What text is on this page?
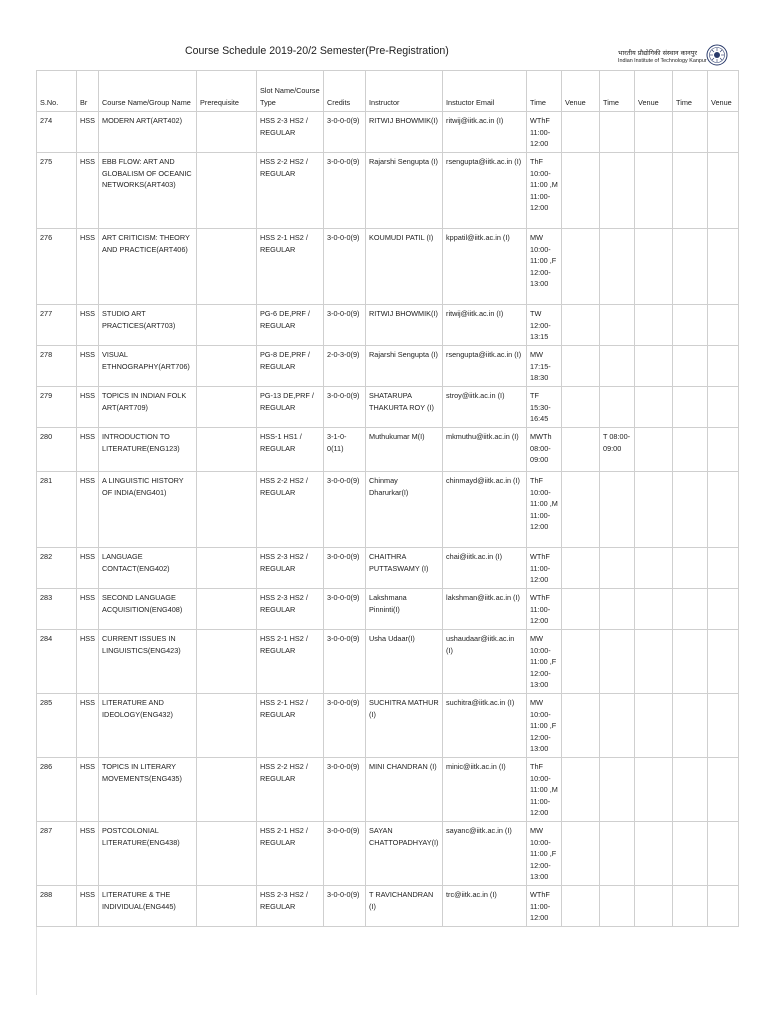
Course Schedule 2019-20/2 Semester(Pre-Registration)	भारतीय प्रौद्योगिकी संस्थान कानपुर
Indian Institute of Technology Kanpur
S.No.	Br	Course Name/Group Name	Prerequisite	Slot Name/Course Type	Credits	Instructor	Instuctor Email	Time	Venue	Time	Venue	Time	Venue
274	HSS	MODERN ART(ART402)		HSS 2-3 HS2 / REGULAR	3-0-0-0(9)	RITWIJ BHOWMIK(I)	ritwij@iitk.ac.in (I)	WThF 11:00-12:00					
275	HSS	EBB FLOW: ART AND GLOBALISM OF OCEANIC NETWORKS(ART403)		HSS 2-2 HS2 / REGULAR	3-0-0-0(9)	Rajarshi Sengupta (I)	rsengupta@iitk.ac.in (I)	ThF 10:00-11:00 ,M 11:00-12:00					
276	HSS	ART CRITICISM: THEORY AND PRACTICE(ART406)		HSS 2-1 HS2 / REGULAR	3-0-0-0(9)	KOUMUDI PATIL (I)	kppatil@iitk.ac.in (I)	MW 10:00-11:00 ,F 12:00-13:00					
277	HSS	STUDIO ART PRACTICES(ART703)		PG-6 DE,PRF / REGULAR	3-0-0-0(9)	RITWIJ BHOWMIK(I)	ritwij@iitk.ac.in (I)	TW 12:00-13:15					
278	HSS	VISUAL ETHNOGRAPHY(ART706)		PG-8 DE,PRF / REGULAR	2-0-3-0(9)	Rajarshi Sengupta (I)	rsengupta@iitk.ac.in (I)	MW 17:15-18:30					
279	HSS	TOPICS IN INDIAN FOLK ART(ART709)		PG-13 DE,PRF / REGULAR	3-0-0-0(9)	SHATARUPA THAKURTA ROY (I)	stroy@iitk.ac.in (I)	TF 15:30-16:45					
280	HSS	INTRODUCTION TO LITERATURE(ENG123)		HSS-1 HS1 / REGULAR	3-1-0-0(11)	Muthukumar M(I)	mkmuthu@iitk.ac.in (I)	MWTh 08:00-09:00		T 08:00-09:00			
281	HSS	A LINGUISTIC HISTORY OF INDIA(ENG401)		HSS 2-2 HS2 / REGULAR	3-0-0-0(9)	Chinmay Dharurkar(I)	chinmayd@iitk.ac.in (I)	ThF 10:00-11:00 ,M 11:00-12:00					
282	HSS	LANGUAGE CONTACT(ENG402)		HSS 2-3 HS2 / REGULAR	3-0-0-0(9)	CHAITHRA PUTTASWAMY (I)	chai@iitk.ac.in (I)	WThF 11:00-12:00					
283	HSS	SECOND LANGUAGE ACQUISITION(ENG408)		HSS 2-3 HS2 / REGULAR	3-0-0-0(9)	Lakshmana Pinninti(I)	lakshman@iitk.ac.in (I)	WThF 11:00-12:00					
284	HSS	CURRENT ISSUES IN LINGUISTICS(ENG423)		HSS 2-1 HS2 / REGULAR	3-0-0-0(9)	Usha Udaar(I)	ushaudaar@iitk.ac.in (I)	MW 10:00-11:00 ,F 12:00-13:00					
285	HSS	LITERATURE AND IDEOLOGY(ENG432)		HSS 2-1 HS2 / REGULAR	3-0-0-0(9)	SUCHITRA MATHUR (I)	suchitra@iitk.ac.in (I)	MW 10:00-11:00 ,F 12:00-13:00					
286	HSS	TOPICS IN LITERARY MOVEMENTS(ENG435)		HSS 2-2 HS2 / REGULAR	3-0-0-0(9)	MINI CHANDRAN (I)	minic@iitk.ac.in (I)	ThF 10:00-11:00 ,M 11:00-12:00					
287	HSS	POSTCOLONIAL LITERATURE(ENG438)		HSS 2-1 HS2 / REGULAR	3-0-0-0(9)	SAYAN CHATTOPADHYAY(I)	sayanc@iitk.ac.in (I)	MW 10:00-11:00 ,F 12:00-13:00					
288	HSS	LITERATURE & THE INDIVIDUAL(ENG445)		HSS 2-3 HS2 / REGULAR	3-0-0-0(9)	T RAVICHANDRAN (I)	trc@iitk.ac.in (I)	WThF 11:00-12:00					
